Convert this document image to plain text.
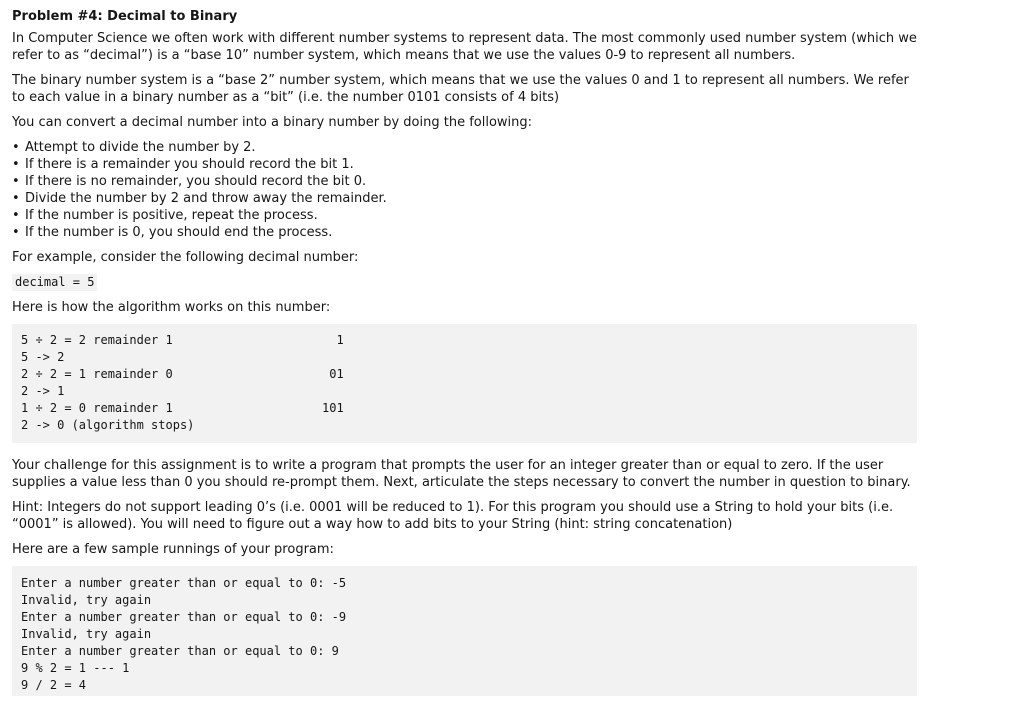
Problem #4: Decimal to Binary

In Computer Science we often work with different number systems to represent data. The most commonly used number system (which we refer to as “decimal”) is a “base 10” number system, which means that we use the values 0-9 to represent all numbers.

The binary number system is a “base 2” number system, which means that we use the values 0 and 1 to represent all numbers. We refer to each value in a binary number as a “bit” (i.e. the number 0101 consists of 4 bits)

You can convert a decimal number into a binary number by doing the following:

• Attempt to divide the number by 2.
• If there is a remainder you should record the bit 1.
• If there is no remainder, you should record the bit 0.
• Divide the number by 2 and throw away the remainder.
• If the number is positive, repeat the process.
• If the number is 0, you should end the process.

For example, consider the following decimal number:

decimal = 5

Here is how the algorithm works on this number:

5 ÷ 2 = 2 remainder 1	1
5 -> 2
2 ÷ 2 = 1 remainder 0	01
2 -> 1
1 ÷ 2 = 0 remainder 1	101
2 -> 0 (algorithm stops)

Your challenge for this assignment is to write a program that prompts the user for an integer greater than or equal to zero. If the user supplies a value less than 0 you should re-prompt them. Next, articulate the steps necessary to convert the number in question to binary.

Hint: Integers do not support leading 0’s (i.e. 0001 will be reduced to 1). For this program you should use a String to hold your bits (i.e. “0001” is allowed). You will need to figure out a way how to add bits to your String (hint: string concatenation)

Here are a few sample runnings of your program:

Enter a number greater than or equal to 0: -5
Invalid, try again
Enter a number greater than or equal to 0: -9
Invalid, try again
Enter a number greater than or equal to 0: 9
9 % 2 = 1 --- 1
9 / 2 = 4
